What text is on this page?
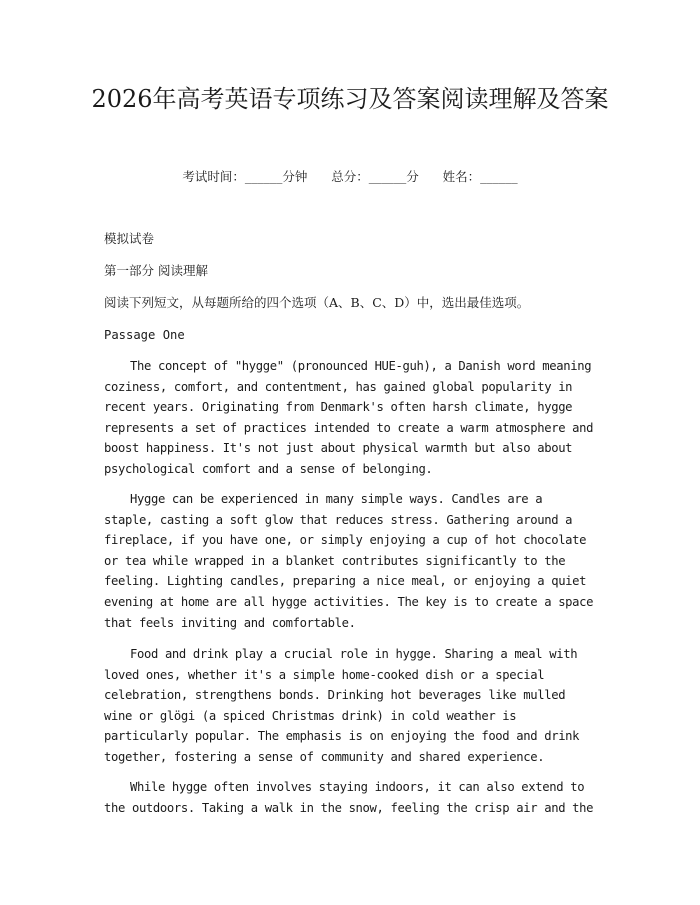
2026年高考英语专项练习及答案阅读理解及答案
考试时间：______分钟      总分：______分      姓名：______

模拟试卷

第一部分 阅读理解

阅读下列短文，从每题所给的四个选项（A、B、C、D）中，选出最佳选项。

Passage One

The concept of "hygge" (pronounced HUE-guh), a Danish word meaning coziness, comfort, and contentment, has gained global popularity in recent years. Originating from Denmark's often harsh climate, hygge represents a set of practices intended to create a warm atmosphere and boost happiness. It's not just about physical warmth but also about psychological comfort and a sense of belonging.

Hygge can be experienced in many simple ways. Candles are a staple, casting a soft glow that reduces stress. Gathering around a fireplace, if you have one, or simply enjoying a cup of hot chocolate or tea while wrapped in a blanket contributes significantly to the feeling. Lighting candles, preparing a nice meal, or enjoying a quiet evening at home are all hygge activities. The key is to create a space that feels inviting and comfortable.

Food and drink play a crucial role in hygge. Sharing a meal with loved ones, whether it's a simple home-cooked dish or a special celebration, strengthens bonds. Drinking hot beverages like mulled wine or glögi (a spiced Christmas drink) in cold weather is particularly popular. The emphasis is on enjoying the food and drink together, fostering a sense of community and shared experience.

While hygge often involves staying indoors, it can also extend to the outdoors. Taking a walk in the snow, feeling the crisp air and the
